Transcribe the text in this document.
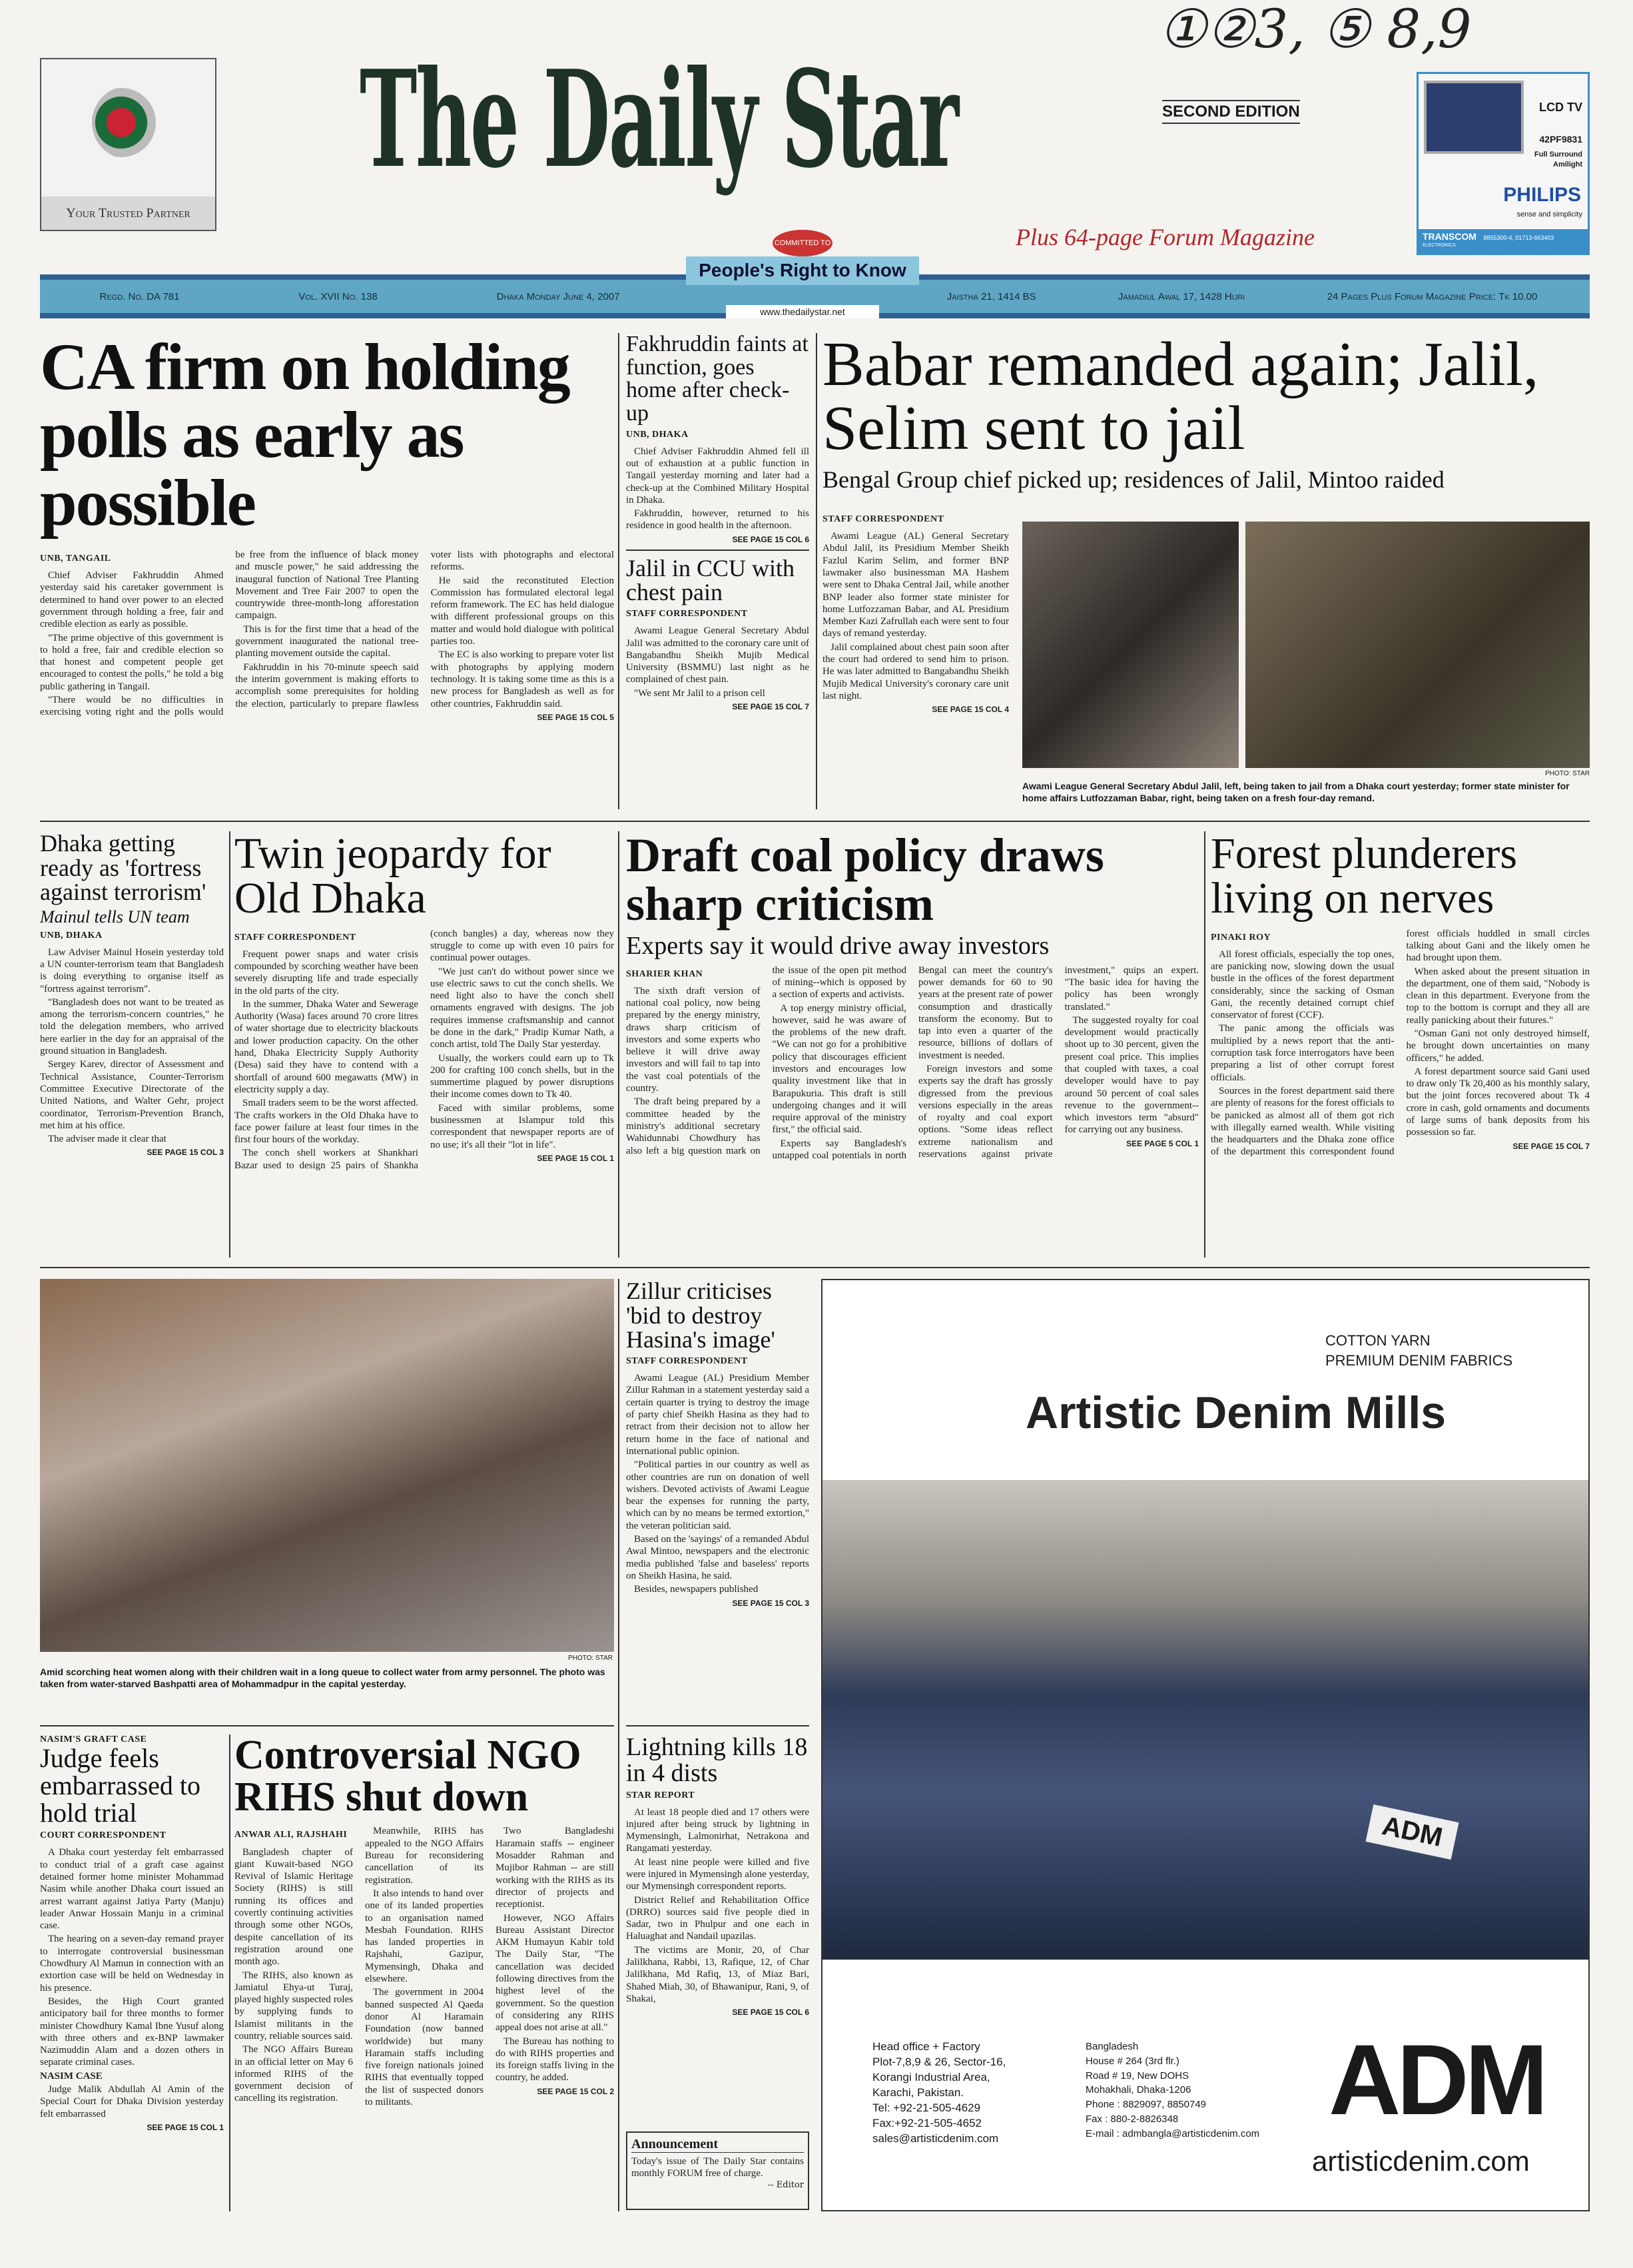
①②3, ⑤ 8,9
Your Trusted Partner
The Daily Star	SECOND EDITION
Plus 64-page Forum Magazine
LCD TV
42PF9831
Full Surround
Amilight
PHILIPS
sense and simplicity
TRANSCOM 8855300-4, 01713-663403
ELECTRONICS
Regd. No. DA 781	Vol. XVII No. 138	Dhaka Monday June 4, 2007	Jaistha 21, 1414 BS	Jamadiul Awal 17, 1428 Hijri	24 Pages Plus Forum Magazine Price: Tk 10.00
COMMITTED TO
People's Right to Know
www.thedailystar.net
CA firm on holding polls as early as possible
UNB, TANGAIL

Chief Adviser Fakhruddin Ahmed yesterday said his caretaker government is determined to hand over power to an elected government through holding a free, fair and credible election as early as possible.

"The prime objective of this government is to hold a free, fair and credible election so that honest and competent people get encouraged to contest the polls," he told a big public gathering in Tangail.

"There would be no difficulties in exercising voting right and the polls would be free from the influence of black money and muscle power," he said addressing the inaugural function of National Tree Planting Movement and Tree Fair 2007 to open the countrywide three-month-long afforestation campaign.

This is for the first time that a head of the government inaugurated the national tree-planting movement outside the capital.

Fakhruddin in his 70-minute speech said the interim government is making efforts to accomplish some prerequisites for holding the election, particularly to prepare flawless voter lists with photographs and electoral reforms.

He said the reconstituted Election Commission has formulated electoral legal reform framework. The EC has held dialogue with different professional groups on this matter and would hold dialogue with political parties too.

The EC is also working to prepare voter list with photographs by applying modern technology. It is taking some time as this is a new process for Bangladesh as well as for other countries, Fakhruddin said.

SEE PAGE 15 COL 5
Fakhruddin faints at function, goes home after check-up
UNB, DHAKA

Chief Adviser Fakhruddin Ahmed fell ill out of exhaustion at a public function in Tangail yesterday morning and later had a check-up at the Combined Military Hospital in Dhaka.

Fakhruddin, however, returned to his residence in good health in the afternoon.

SEE PAGE 15 COL 6
Jalil in CCU with chest pain
STAFF CORRESPONDENT

Awami League General Secretary Abdul Jalil was admitted to the coronary care unit of Bangabandhu Sheikh Mujib Medical University (BSMMU) last night as he complained of chest pain.

"We sent Mr Jalil to a prison cell

SEE PAGE 15 COL 7
Babar remanded again; Jalil, Selim sent to jail
Bengal Group chief picked up; residences of Jalil, Mintoo raided
STAFF CORRESPONDENT

Awami League (AL) General Secretary Abdul Jalil, its Presidium Member Sheikh Fazlul Karim Selim, and former BNP lawmaker also businessman MA Hashem were sent to Dhaka Central Jail, while another BNP leader also former state minister for home Lutfozzaman Babar, and AL Presidium Member Kazi Zafrullah each were sent to four days of remand yesterday.

Jalil complained about chest pain soon after the court had ordered to send him to prison. He was later admitted to Bangabandhu Sheikh Mujib Medical University's coronary care unit last night.

SEE PAGE 15 COL 4
PHOTO: STAR
Awami League General Secretary Abdul Jalil, left, being taken to jail from a Dhaka court yesterday; former state minister for home affairs Lutfozzaman Babar, right, being taken on a fresh four-day remand.
Dhaka getting ready as 'fortress against terrorism'
Mainul tells UN team
UNB, DHAKA

Law Adviser Mainul Hosein yesterday told a UN counter-terrorism team that Bangladesh is doing everything to organise itself as "fortress against terrorism".

"Bangladesh does not want to be treated as among the terrorism-concern countries," he told the delegation members, who arrived here earlier in the day for an appraisal of the ground situation in Bangladesh.

Sergey Karev, director of Assessment and Technical Assistance, Counter-Terrorism Committee Executive Directorate of the United Nations, and Walter Gehr, project coordinator, Terrorism-Prevention Branch, met him at his office.

The adviser made it clear that

SEE PAGE 15 COL 3
Twin jeopardy for Old Dhaka
STAFF CORRESPONDENT

Frequent power snaps and water crisis compounded by scorching weather have been severely disrupting life and trade especially in the old parts of the city.

In the summer, Dhaka Water and Sewerage Authority (Wasa) faces around 70 crore litres of water shortage due to electricity blackouts and lower production capacity. On the other hand, Dhaka Electricity Supply Authority (Desa) said they have to contend with a shortfall of around 600 megawatts (MW) in electricity supply a day.

Small traders seem to be the worst affected. The crafts workers in the Old Dhaka have to face power failure at least four times in the first four hours of the workday.

The conch shell workers at Shankhari Bazar used to design 25 pairs of Shankha (conch bangles) a day, whereas now they struggle to come up with even 10 pairs for continual power outages.

"We just can't do without power since we use electric saws to cut the conch shells. We need light also to have the conch shell ornaments engraved with designs. The job requires immense craftsmanship and cannot be done in the dark," Pradip Kumar Nath, a conch artist, told The Daily Star yesterday.

Usually, the workers could earn up to Tk 200 for crafting 100 conch shells, but in the summertime plagued by power disruptions their income comes down to Tk 40.

Faced with similar problems, some businessmen at Islampur told this correspondent that newspaper reports are of no use; it's all their "lot in life".

SEE PAGE 15 COL 1
Draft coal policy draws sharp criticism
Experts say it would drive away investors
SHARIER KHAN

The sixth draft version of national coal policy, now being prepared by the energy ministry, draws sharp criticism of investors and some experts who believe it will drive away investors and will fail to tap into the vast coal potentials of the country.

The draft being prepared by a committee headed by the ministry's additional secretary Wahidunnabi Chowdhury has also left a big question mark on the issue of the open pit method of mining--which is opposed by a section of experts and activists.

A top energy ministry official, however, said he was aware of the problems of the new draft. "We can not go for a prohibitive policy that discourages efficient investors and encourages low quality investment like that in Barapukuria. This draft is still undergoing changes and it will require approval of the ministry first," the official said.

Experts say Bangladesh's untapped coal potentials in north Bengal can meet the country's power demands for 60 to 90 years at the present rate of power consumption and drastically transform the economy. But to tap into even a quarter of the resource, billions of dollars of investment is needed.

Foreign investors and some experts say the draft has grossly digressed from the previous versions especially in the areas of royalty and coal export options. "Some ideas reflect extreme nationalism and reservations against private investment," quips an expert. "The basic idea for having the policy has been wrongly translated."

The suggested royalty for coal development would practically shoot up to 30 percent, given the present coal price. This implies that coupled with taxes, a coal developer would have to pay around 50 percent of coal sales revenue to the government--which investors term "absurd" for carrying out any business.

SEE PAGE 5 COL 1
Forest plunderers living on nerves
PINAKI ROY

All forest officials, especially the top ones, are panicking now, slowing down the usual bustle in the offices of the forest department considerably, since the sacking of Osman Gani, the recently detained corrupt chief conservator of forest (CCF).

The panic among the officials was multiplied by a news report that the anti-corruption task force interrogators have been preparing a list of other corrupt forest officials.

Sources in the forest department said there are plenty of reasons for the forest officials to be panicked as almost all of them got rich with illegally earned wealth. While visiting the headquarters and the Dhaka zone office of the department this correspondent found forest officials huddled in small circles talking about Gani and the likely omen he had brought upon them.

When asked about the present situation in the department, one of them said, "Nobody is clean in this department. Everyone from the top to the bottom is corrupt and they all are really panicking about their futures."

"Osman Gani not only destroyed himself, he brought down uncertainties on many officers," he added.

A forest department source said Gani used to draw only Tk 20,400 as his monthly salary, but the joint forces recovered about Tk 4 crore in cash, gold ornaments and documents of large sums of bank deposits from his possession so far.

SEE PAGE 15 COL 7
PHOTO: STAR
Amid scorching heat women along with their children wait in a long queue to collect water from army personnel. The photo was taken from water-starved Bashpatti area of Mohammadpur in the capital yesterday.
Zillur criticises 'bid to destroy Hasina's image'
STAFF CORRESPONDENT

Awami League (AL) Presidium Member Zillur Rahman in a statement yesterday said a certain quarter is trying to destroy the image of party chief Sheikh Hasina as they had to retract from their decision not to allow her return home in the face of national and international public opinion.

"Political parties in our country as well as other countries are run on donation of well wishers. Devoted activists of Awami League bear the expenses for running the party, which can by no means be termed extortion," the veteran politician said.

Based on the 'sayings' of a remanded Abdul Awal Mintoo, newspapers and the electronic media published 'false and baseless' reports on Sheikh Hasina, he said.

Besides, newspapers published

SEE PAGE 15 COL 3
COTTON YARN
PREMIUM DENIM FABRICS
Artistic Denim Mills
ADM
Head office + Factory
Plot-7,8,9 & 26, Sector-16,
Korangi Industrial Area,
Karachi, Pakistan.
Tel: +92-21-505-4629
Fax:+92-21-505-4652
sales@artisticdenim.com
Bangladesh
House # 264 (3rd flr.)
Road # 19, New DOHS
Mohakhali, Dhaka-1206
Phone : 8829097, 8850749
Fax : 880-2-8826348
E-mail : admbangla@artisticdenim.com ADM
artisticdenim.com
NASIM'S GRAFT CASE
Judge feels embarrassed to hold trial
COURT CORRESPONDENT

A Dhaka court yesterday felt embarrassed to conduct trial of a graft case against detained former home minister Mohammad Nasim while another Dhaka court issued an arrest warrant against Jatiya Party (Manju) leader Anwar Hossain Manju in a criminal case.

The hearing on a seven-day remand prayer to interrogate controversial businessman Chowdhury Al Mamun in connection with an extortion case will be held on Wednesday in his presence.

Besides, the High Court granted anticipatory bail for three months to former minister Chowdhury Kamal Ibne Yusuf along with three others and ex-BNP lawmaker Nazimuddin Alam and a dozen others in separate criminal cases.

NASIM CASE

Judge Malik Abdullah Al Amin of the Special Court for Dhaka Division yesterday felt embarrassed

SEE PAGE 15 COL 1
Controversial NGO RIHS shut down
ANWAR ALI, RAJSHAHI

Bangladesh chapter of giant Kuwait-based NGO Revival of Islamic Heritage Society (RIHS) is still running its offices and covertly continuing activities through some other NGOs, despite cancellation of its registration around one month ago.

The RIHS, also known as Jamiatul Ehya-ut Turaj, played highly suspected roles by supplying funds to Islamist militants in the country, reliable sources said.

The NGO Affairs Bureau in an official letter on May 6 informed RIHS of the government decision of cancelling its registration.

Meanwhile, RIHS has appealed to the NGO Affairs Bureau for reconsidering cancellation of its registration.

It also intends to hand over one of its landed properties to an organisation named Mesbah Foundation. RIHS has landed properties in Rajshahi, Gazipur, Mymensingh, Dhaka and elsewhere.

The government in 2004 banned suspected Al Qaeda donor Al Haramain Foundation (now banned worldwide) but many Haramain staffs including five foreign nationals joined RIHS that eventually topped the list of suspected donors to militants.

Two Bangladeshi Haramain staffs -- engineer Mosadder Rahman and Mujibor Rahman -- are still working with the RIHS as its director of projects and receptionist.

However, NGO Affairs Bureau Assistant Director AKM Humayun Kabir told The Daily Star, "The cancellation was decided following directives from the highest level of the government. So the question of considering any RIHS appeal does not arise at all."

The Bureau has nothing to do with RIHS properties and its foreign staffs living in the country, he added.

SEE PAGE 15 COL 2
Lightning kills 18 in 4 dists
STAR REPORT

At least 18 people died and 17 others were injured after being struck by lightning in Mymensingh, Lalmonirhat, Netrakona and Rangamati yesterday.

At least nine people were killed and five were injured in Mymensingh alone yesterday, our Mymensingh correspondent reports.

District Relief and Rehabilitation Office (DRRO) sources said five people died in Sadar, two in Phulpur and one each in Haluaghat and Nandail upazilas.

The victims are Monir, 20, of Char Jalilkhana, Rabbi, 13, Rafique, 12, of Char Jalilkhana, Md Rafiq, 13, of Miaz Bari, Shahed Miah, 30, of Bhawanipur, Rani, 9, of Shakai,

SEE PAGE 15 COL 6
Announcement
Today's issue of The Daily Star contains monthly FORUM free of charge.
-- Editor
